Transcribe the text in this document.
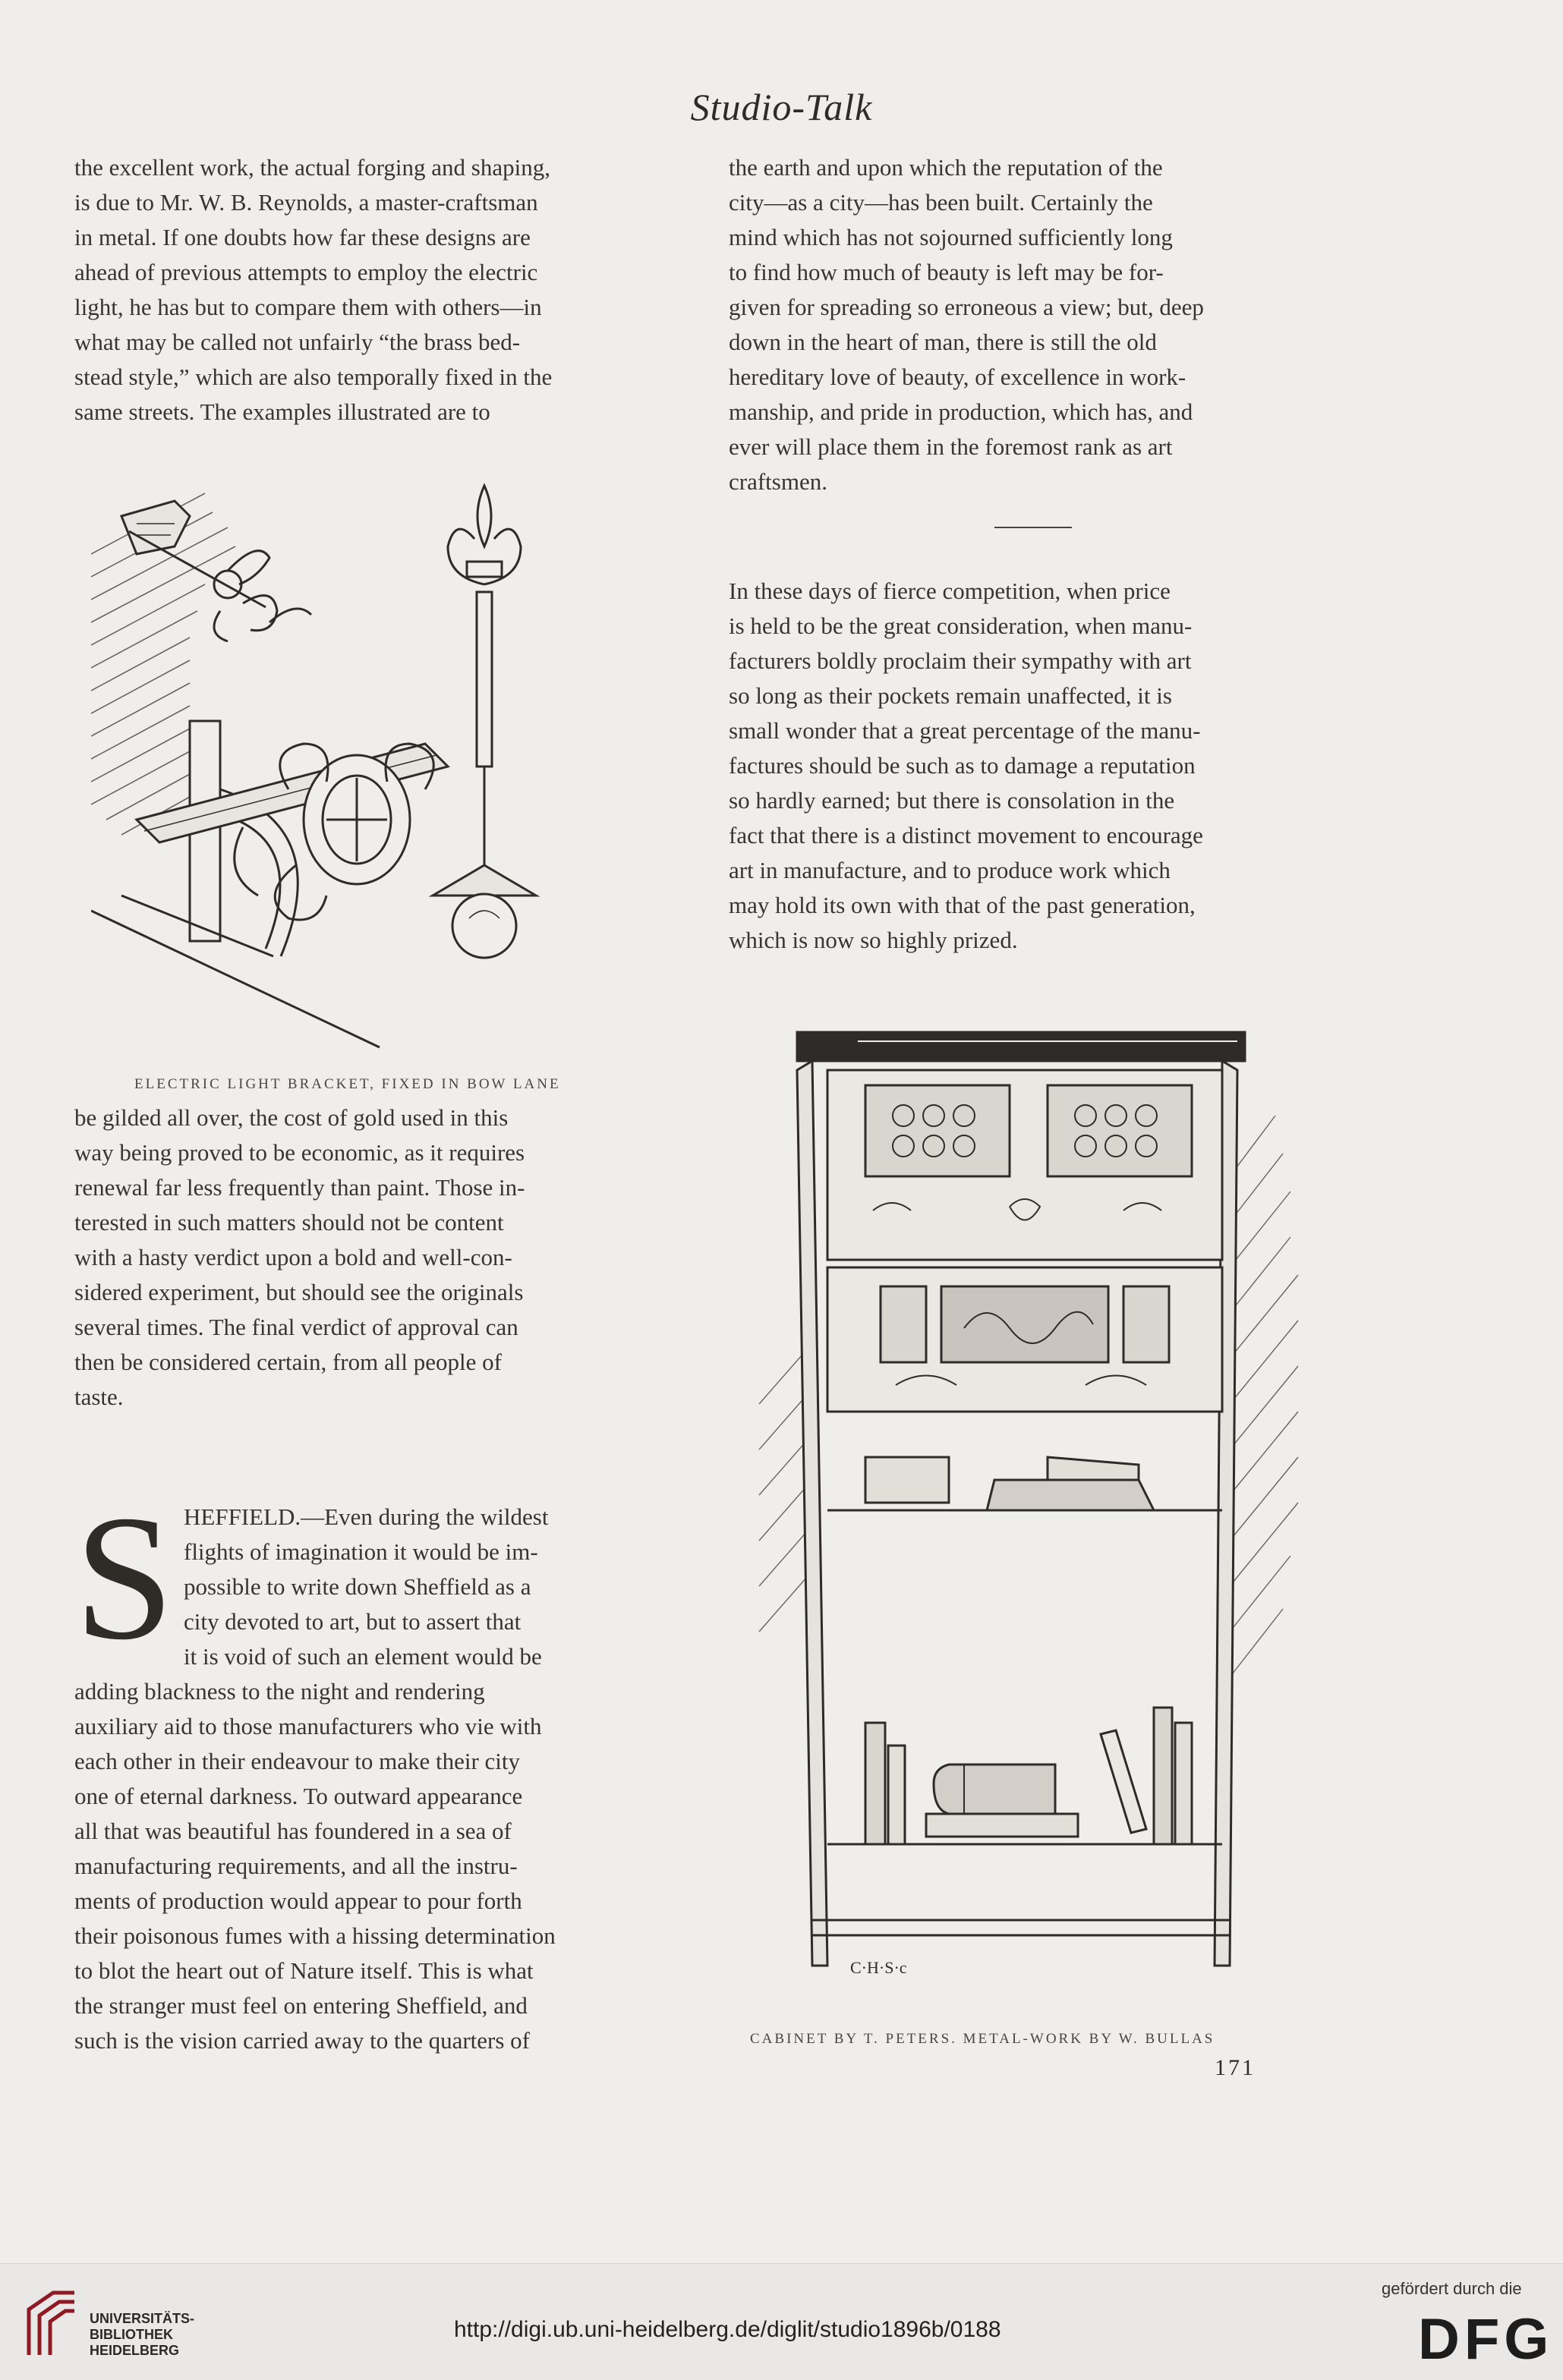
Studio-Talk
the excellent work, the actual forging and shaping,
is due to Mr. W. B. Reynolds, a master-craftsman
in metal. If one doubts how far these designs are
ahead of previous attempts to employ the electric
light, he has but to compare them with others—in
what may be called not unfairly “the brass bed-
stead style,” which are also temporally fixed in the
same streets. The examples illustrated are to
ELECTRIC LIGHT BRACKET, FIXED IN BOW LANE
be gilded all over, the cost of gold used in this
way being proved to be economic, as it requires
renewal far less frequently than paint. Those in-
terested in such matters should not be content
with a hasty verdict upon a bold and well-con-
sidered experiment, but should see the originals
several times. The final verdict of approval can
then be considered certain, from all people of
taste.
S HEFFIELD.—Even during the wildest
flights of imagination it would be im-
possible to write down Sheffield as a
city devoted to art, but to assert that
it is void of such an element would be
adding blackness to the night and rendering
auxiliary aid to those manufacturers who vie with
each other in their endeavour to make their city
one of eternal darkness. To outward appearance
all that was beautiful has foundered in a sea of
manufacturing requirements, and all the instru-
ments of production would appear to pour forth
their poisonous fumes with a hissing determination
to blot the heart out of Nature itself. This is what
the stranger must feel on entering Sheffield, and
such is the vision carried away to the quarters of
the earth and upon which the reputation of the
city—as a city—has been built. Certainly the
mind which has not sojourned sufficiently long
to find how much of beauty is left may be for-
given for spreading so erroneous a view; but, deep
down in the heart of man, there is still the old
hereditary love of beauty, of excellence in work-
manship, and pride in production, which has, and
ever will place them in the foremost rank as art
craftsmen.
In these days of fierce competition, when price
is held to be the great consideration, when manu-
facturers boldly proclaim their sympathy with art
so long as their pockets remain unaffected, it is
small wonder that a great percentage of the manu-
factures should be such as to damage a reputation
so hardly earned; but there is consolation in the
fact that there is a distinct movement to encourage
art in manufacture, and to produce work which
may hold its own with that of the past generation,
which is now so highly prized.
C·H·S·c
CABINET BY T. PETERS. METAL-WORK BY W. BULLAS
171
UNIVERSITÄTS-
BIBLIOTHEK
HEIDELBERG
http://digi.ub.uni-heidelberg.de/diglit/studio1896b/0188
gefördert durch die
DFG
